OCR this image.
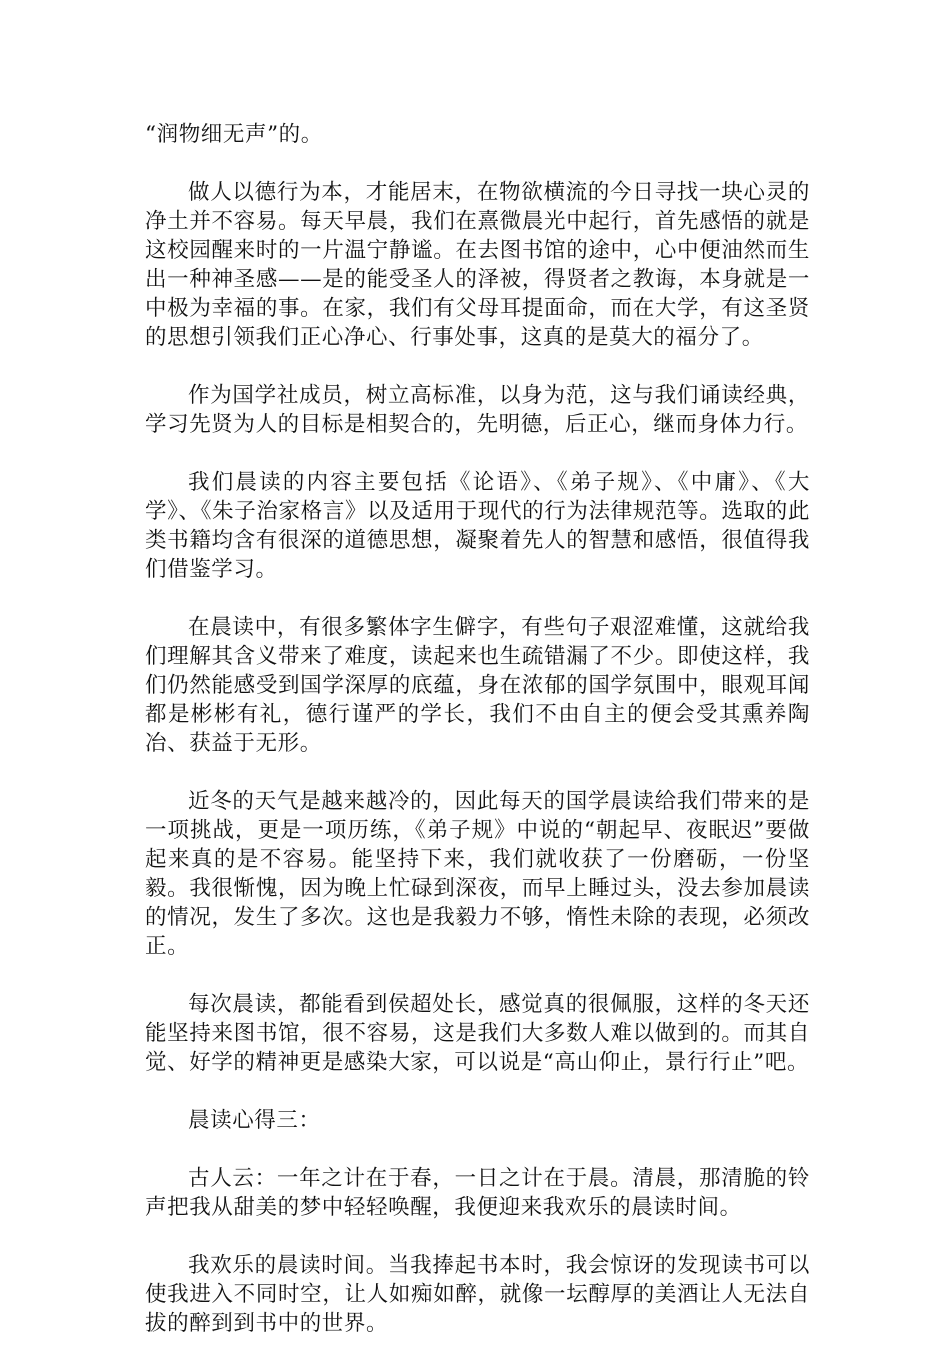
“润物细无声”的。

做人以德行为本，才能居末，在物欲横流的今日寻找一块心灵的净土并不容易。每天早晨，我们在熹微晨光中起行，首先感悟的就是这校园醒来时的一片温宁静谧。在去图书馆的途中，心中便油然而生出一种神圣感——是的能受圣人的泽被，得贤者之教诲，本身就是一中极为幸福的事。在家，我们有父母耳提面命，而在大学，有这圣贤的思想引领我们正心净心、行事处事，这真的是莫大的福分了。

作为国学社成员，树立高标准，以身为范，这与我们诵读经典，学习先贤为人的目标是相契合的，先明德，后正心，继而身体力行。

我们晨读的内容主要包括《论语》、《弟子规》、《中庸》、《大学》、《朱子治家格言》以及适用于现代的行为法律规范等。选取的此类书籍均含有很深的道德思想，凝聚着先人的智慧和感悟，很值得我们借鉴学习。

在晨读中，有很多繁体字生僻字，有些句子艰涩难懂，这就给我们理解其含义带来了难度，读起来也生疏错漏了不少。即使这样，我们仍然能感受到国学深厚的底蕴，身在浓郁的国学氛围中，眼观耳闻都是彬彬有礼，德行谨严的学长，我们不由自主的便会受其熏养陶冶、获益于无形。

近冬的天气是越来越冷的，因此每天的国学晨读给我们带来的是一项挑战，更是一项历练，《弟子规》中说的“朝起早、夜眠迟”要做起来真的是不容易。能坚持下来，我们就收获了一份磨砺，一份坚毅。我很惭愧，因为晚上忙碌到深夜，而早上睡过头，没去参加晨读的情况，发生了多次。这也是我毅力不够，惰性未除的表现，必须改正。

每次晨读，都能看到侯超处长，感觉真的很佩服，这样的冬天还能坚持来图书馆，很不容易，这是我们大多数人难以做到的。而其自觉、好学的精神更是感染大家，可以说是“高山仰止，景行行止”吧。

晨读心得三：

古人云：一年之计在于春，一日之计在于晨。清晨，那清脆的铃声把我从甜美的梦中轻轻唤醒，我便迎来我欢乐的晨读时间。

我欢乐的晨读时间。当我捧起书本时，我会惊讶的发现读书可以使我进入不同时空，让人如痴如醉，就像一坛醇厚的美酒让人无法自拔的醉到到书中的世界。
